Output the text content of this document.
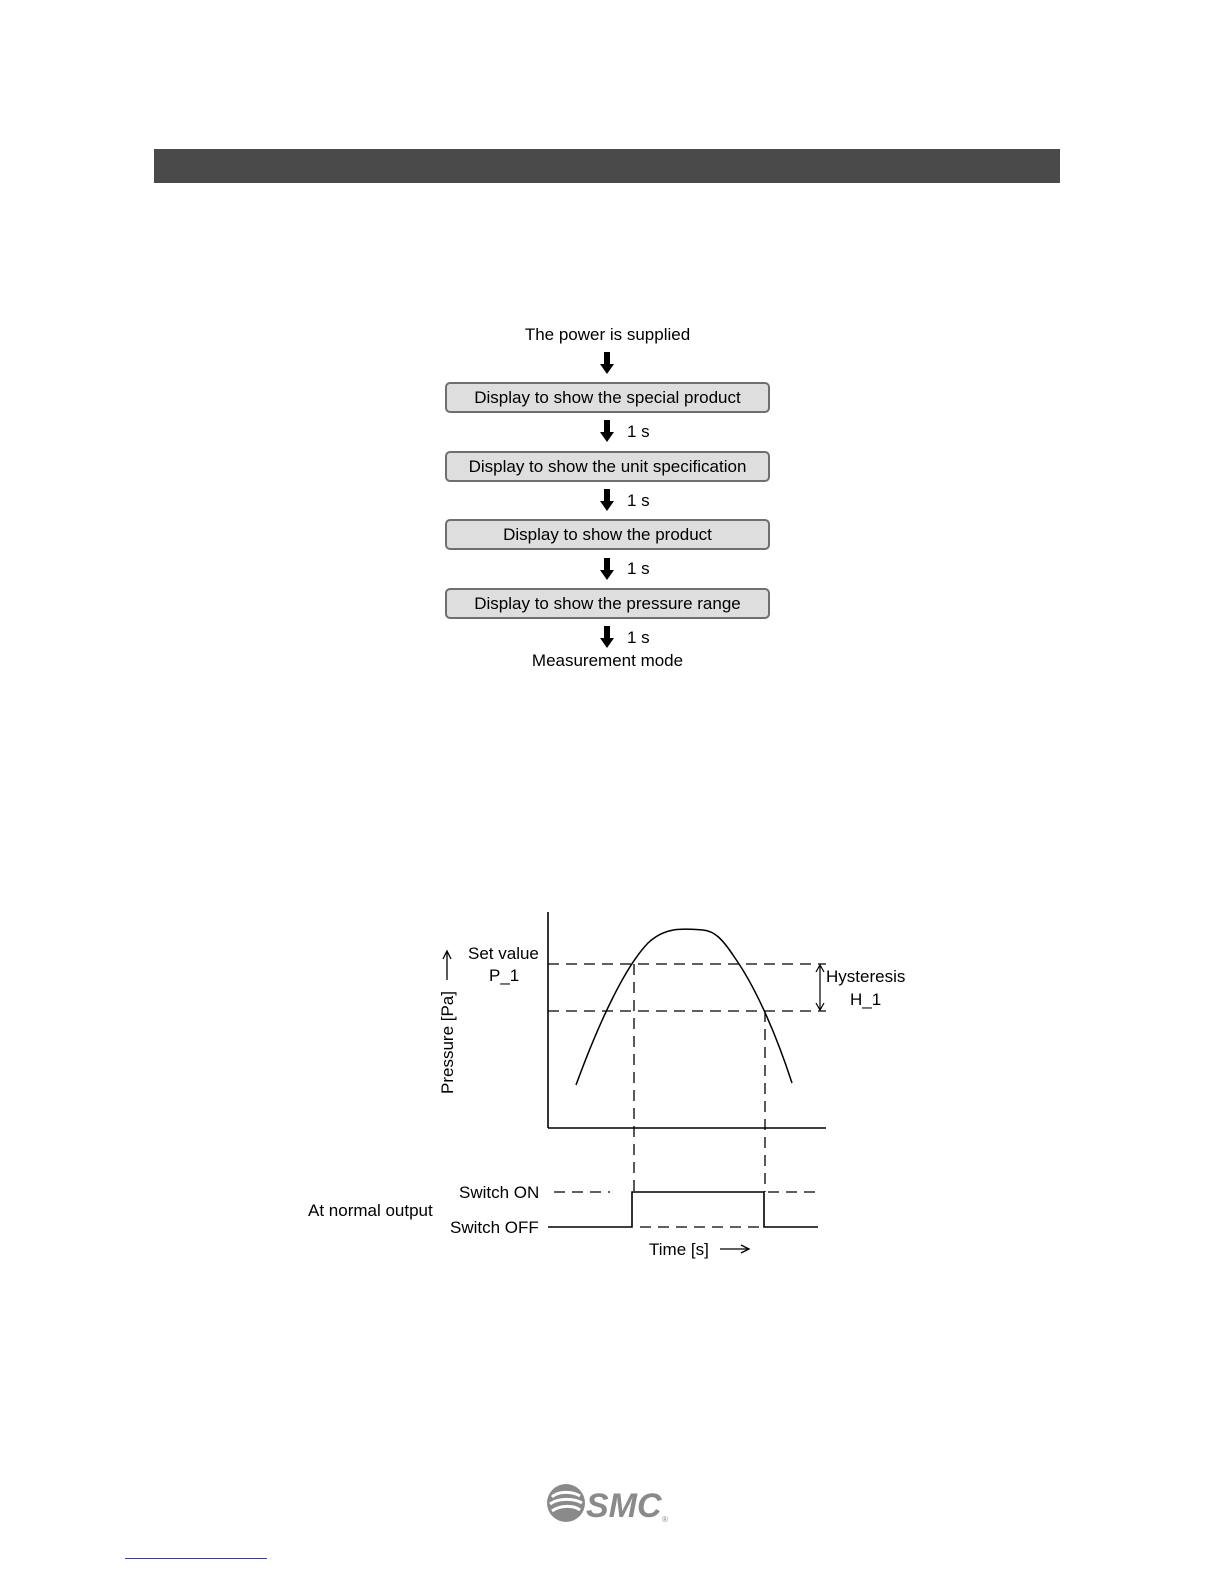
The power is supplied
Display to show the special product
1 s
Display to show the unit specification
1 s
Display to show the product
1 s
Display to show the pressure range
1 s
Measurement mode
Set value
P_1	Hysteresis
H_1
Pressure [Pa]
At normal output
Switch ON
Switch OFF
Time [s]
SMC ®
